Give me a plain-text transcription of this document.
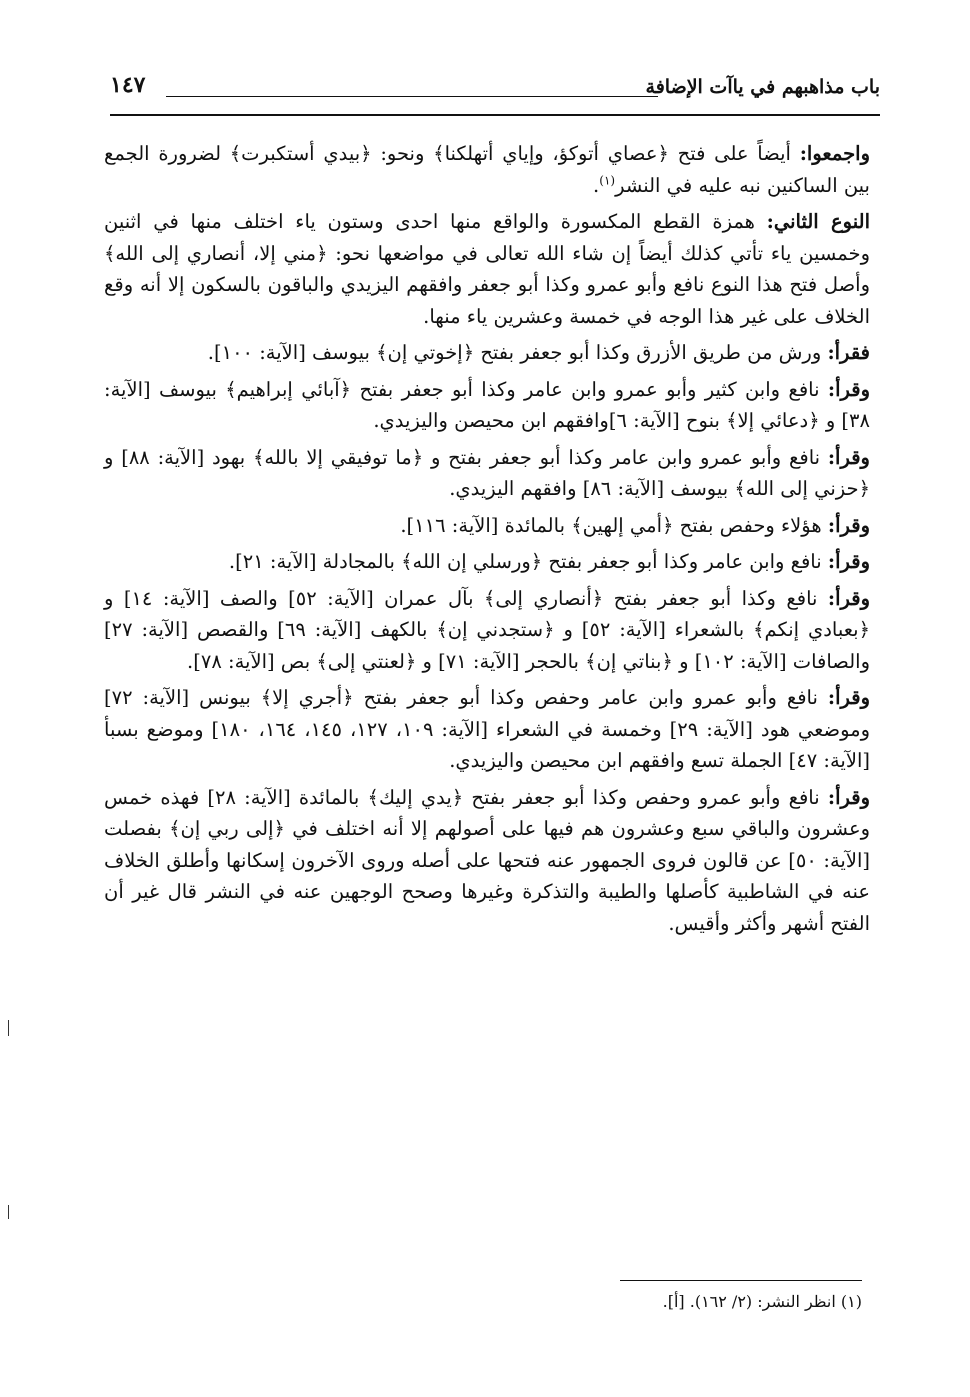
باب مذاهبهم في ياآت الإضافة
١٤٧

واجمعوا: أيضاً على فتح ﴿عصاي أتوكؤ، وإياي أتهلكنا﴾ ونحو: ﴿بيدي أستكبرت﴾ لضرورة الجمع بين الساكنين نبه عليه في النشر$^{(١)}$.

النوع الثاني: همزة القطع المكسورة والواقع منها احدى وستون ياء اختلف منها في اثنين وخمسين ياء تأتي كذلك أيضاً إن شاء الله تعالى في مواضعها نحو: ﴿مني إلا، أنصاري إلى الله﴾ وأصل فتح هذا النوع نافع وأبو عمرو وكذا أبو جعفر وافقهم اليزيدي والباقون بالسكون إلا أنه وقع الخلاف على غير هذا الوجه في خمسة وعشرين ياء منها.

فقرأ: ورش من طريق الأزرق وكذا أبو جعفر بفتح ﴿إخوتي إن﴾ بيوسف [الآية: ١٠٠].

وقرأ: نافع وابن كثير وأبو عمرو وابن عامر وكذا أبو جعفر بفتح ﴿آبائي إبراهيم﴾ بيوسف [الآية: ٣٨] و ﴿دعائي إلا﴾ بنوح [الآية: ٦]وافقهم ابن محيصن واليزيدي.

وقرأ: نافع وأبو عمرو وابن عامر وكذا أبو جعفر بفتح و ﴿ما توفيقي إلا بالله﴾ بهود [الآية: ٨٨] و ﴿حزني إلى الله﴾ بيوسف [الآية: ٨٦] وافقهم اليزيدي.

وقرأ: هؤلاء وحفص بفتح ﴿أمي إلهين﴾ بالمائدة [الآية: ١١٦].

وقرأ: نافع وابن عامر وكذا أبو جعفر بفتح ﴿ورسلي إن الله﴾ بالمجادلة [الآية: ٢١].

وقرأ: نافع وكذا أبو جعفر بفتح ﴿أنصاري إلى﴾ بآل عمران [الآية: ٥٢] والصف [الآية: ١٤] و ﴿بعبادي إنكم﴾ بالشعراء [الآية: ٥٢] و ﴿ستجدني إن﴾ بالكهف [الآية: ٦٩] والقصص [الآية: ٢٧] والصافات [الآية: ١٠٢] و ﴿بناتي إن﴾ بالحجر [الآية: ٧١] و ﴿لعنتي إلى﴾ بص [الآية: ٧٨].

وقرأ: نافع وأبو عمرو وابن عامر وحفص وكذا أبو جعفر بفتح ﴿أجري إلا﴾ بيونس [الآية: ٧٢] وموضعي هود [الآية: ٢٩] وخمسة في الشعراء [الآية: ١٠٩، ١٢٧، ١٤٥، ١٦٤، ١٨٠] وموضع بسبأ [الآية: ٤٧] الجملة تسع وافقهم ابن محيصن واليزيدي.

وقرأ: نافع وأبو عمرو وحفص وكذا أبو جعفر بفتح ﴿يدي إليك﴾ بالمائدة [الآية: ٢٨] فهذه خمس وعشرون والباقي سبع وعشرون هم فيها على أصولهم إلا أنه اختلف في ﴿إلى ربي إن﴾ بفصلت [الآية: ٥٠] عن قالون فروى الجمهور عنه فتحها على أصله وروى الآخرون إسكانها وأطلق الخلاف عنه في الشاطبية كأصلها والطيبة والتذكرة وغيرها وصحح الوجهين عنه في النشر قال غير أن الفتح أشهر وأكثر وأقيس.

(١) انظر النشر: (٢/ ١٦٢). [أ].
